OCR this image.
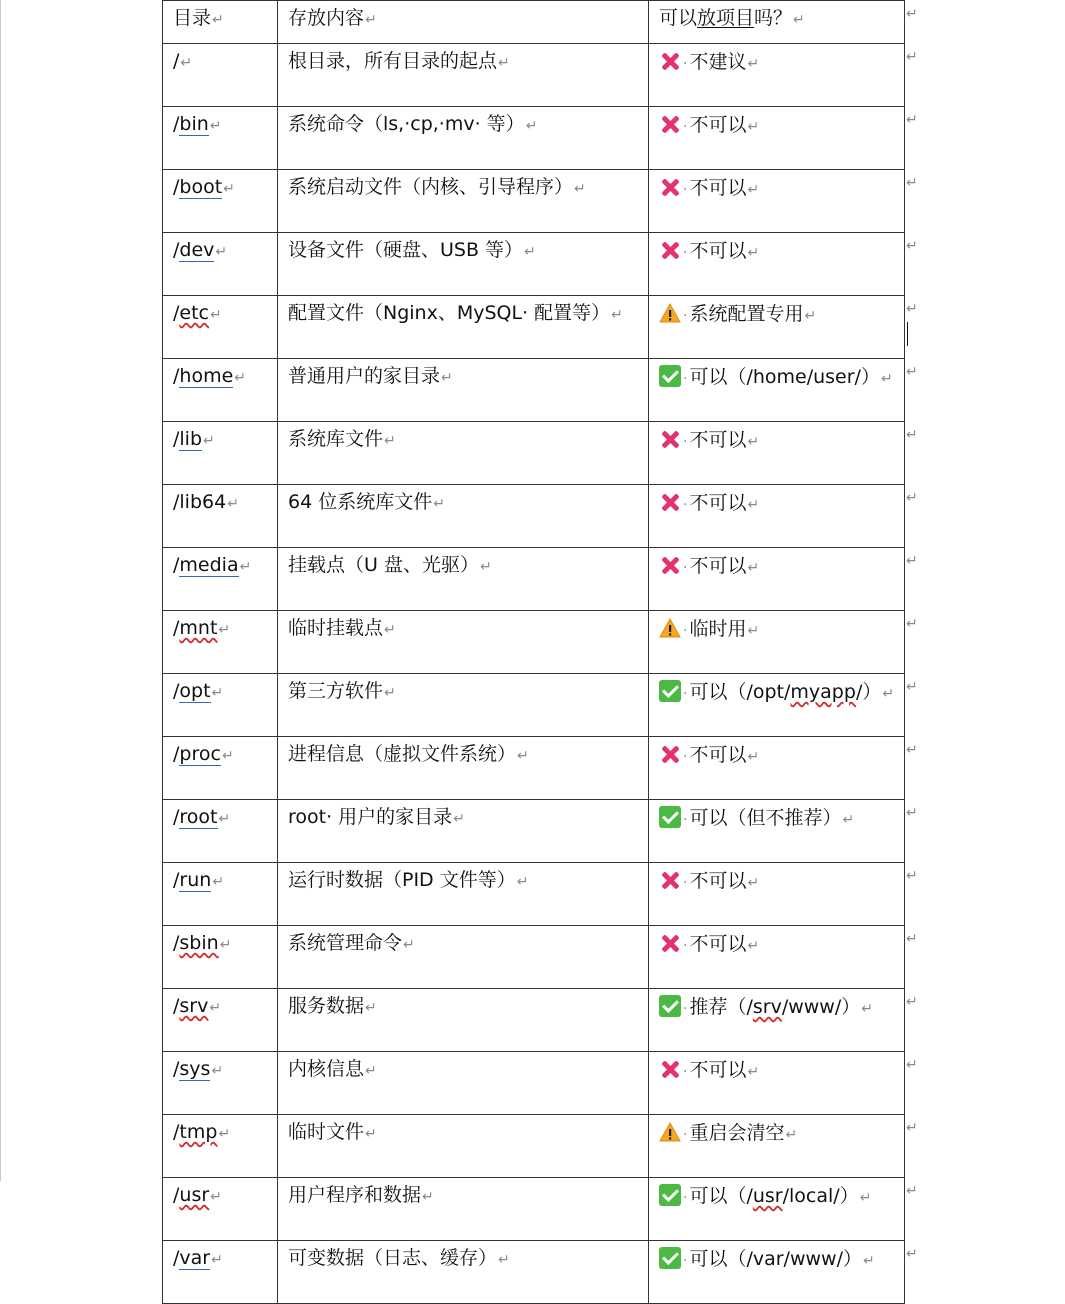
目录↵	存放内容↵	可以放项目吗？↵
/↵	根目录，所有目录的起点↵	· 不建议↵
/bin↵	系统命令（ls,·cp,·mv· 等）↵	· 不可以↵
/boot↵	系统启动文件（内核、引导程序）↵	· 不可以↵
/dev↵	设备文件（硬盘、USB 等）↵	· 不可以↵
/etc↵	配置文件（Nginx、MySQL· 配置等）↵	· 系统配置专用↵
/home↵	普通用户的家目录↵	· 可以（/home/user/）↵
/lib↵	系统库文件↵	· 不可以↵
/lib64↵	64 位系统库文件↵	· 不可以↵
/media↵	挂载点（U 盘、光驱）↵	· 不可以↵
/mnt↵	临时挂载点↵	· 临时用↵
/opt↵	第三方软件↵	· 可以（/opt/myapp/）↵
/proc↵	进程信息（虚拟文件系统）↵	· 不可以↵
/root↵	root· 用户的家目录↵	· 可以（但不推荐）↵
/run↵	运行时数据（PID 文件等）↵	· 不可以↵
/sbin↵	系统管理命令↵	· 不可以↵
/srv↵	服务数据↵	· 推荐（/srv/www/）↵
/sys↵	内核信息↵	· 不可以↵
/tmp↵	临时文件↵	· 重启会清空↵
/usr↵	用户程序和数据↵	· 可以（/usr/local/）↵
/var↵	可变数据（日志、缓存）↵	· 可以（/var/www/）↵
↵
↵
↵
↵
↵
↵
↵
↵
↵
↵
↵
↵
↵
↵
↵
↵
↵
↵
↵
↵
↵
